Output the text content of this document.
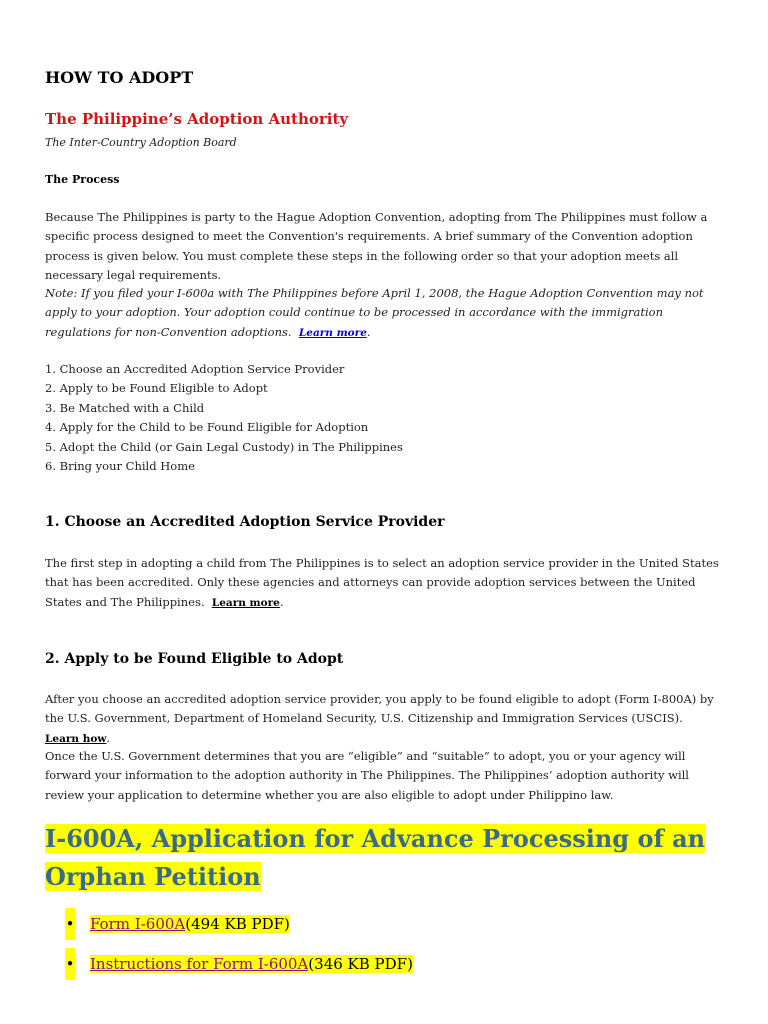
HOW TO ADOPT
The Philippine’s Adoption Authority

The Inter-Country Adoption Board

The Process

Because The Philippines is party to the Hague Adoption Convention, adopting from The Philippines must follow a specific process designed to meet the Convention's requirements. A brief summary of the Convention adoption process is given below. You must complete these steps in the following order so that your adoption meets all necessary legal requirements.

Note: If you filed your I-600a with The Philippines before April 1, 2008, the Hague Adoption Convention may not apply to your adoption. Your adoption could continue to be processed in accordance with the immigration regulations for non-Convention adoptions. Learn more.

1. Choose an Accredited Adoption Service Provider
2. Apply to be Found Eligible to Adopt
3. Be Matched with a Child
4. Apply for the Child to be Found Eligible for Adoption
5. Adopt the Child (or Gain Legal Custody) in The Philippines
6. Bring your Child Home
1. Choose an Accredited Adoption Service Provider

The first step in adopting a child from The Philippines is to select an adoption service provider in the United States that has been accredited. Only these agencies and attorneys can provide adoption services between the United States and The Philippines. Learn more.

2. Apply to be Found Eligible to Adopt

After you choose an accredited adoption service provider, you apply to be found eligible to adopt (Form I-800A) by the U.S. Government, Department of Homeland Security, U.S. Citizenship and Immigration Services (USCIS).   Learn how.

Once the U.S. Government determines that you are “eligible” and “suitable” to adopt, you or your agency will forward your information to the adoption authority in The Philippines. The Philippines’ adoption authority will review your application to determine whether you are also eligible to adopt under Philippino law.

I-600A, Application for Advance Processing of an
Orphan Petition
• Form I-600A(494 KB PDF)
• Instructions for Form I-600A(346 KB PDF)
